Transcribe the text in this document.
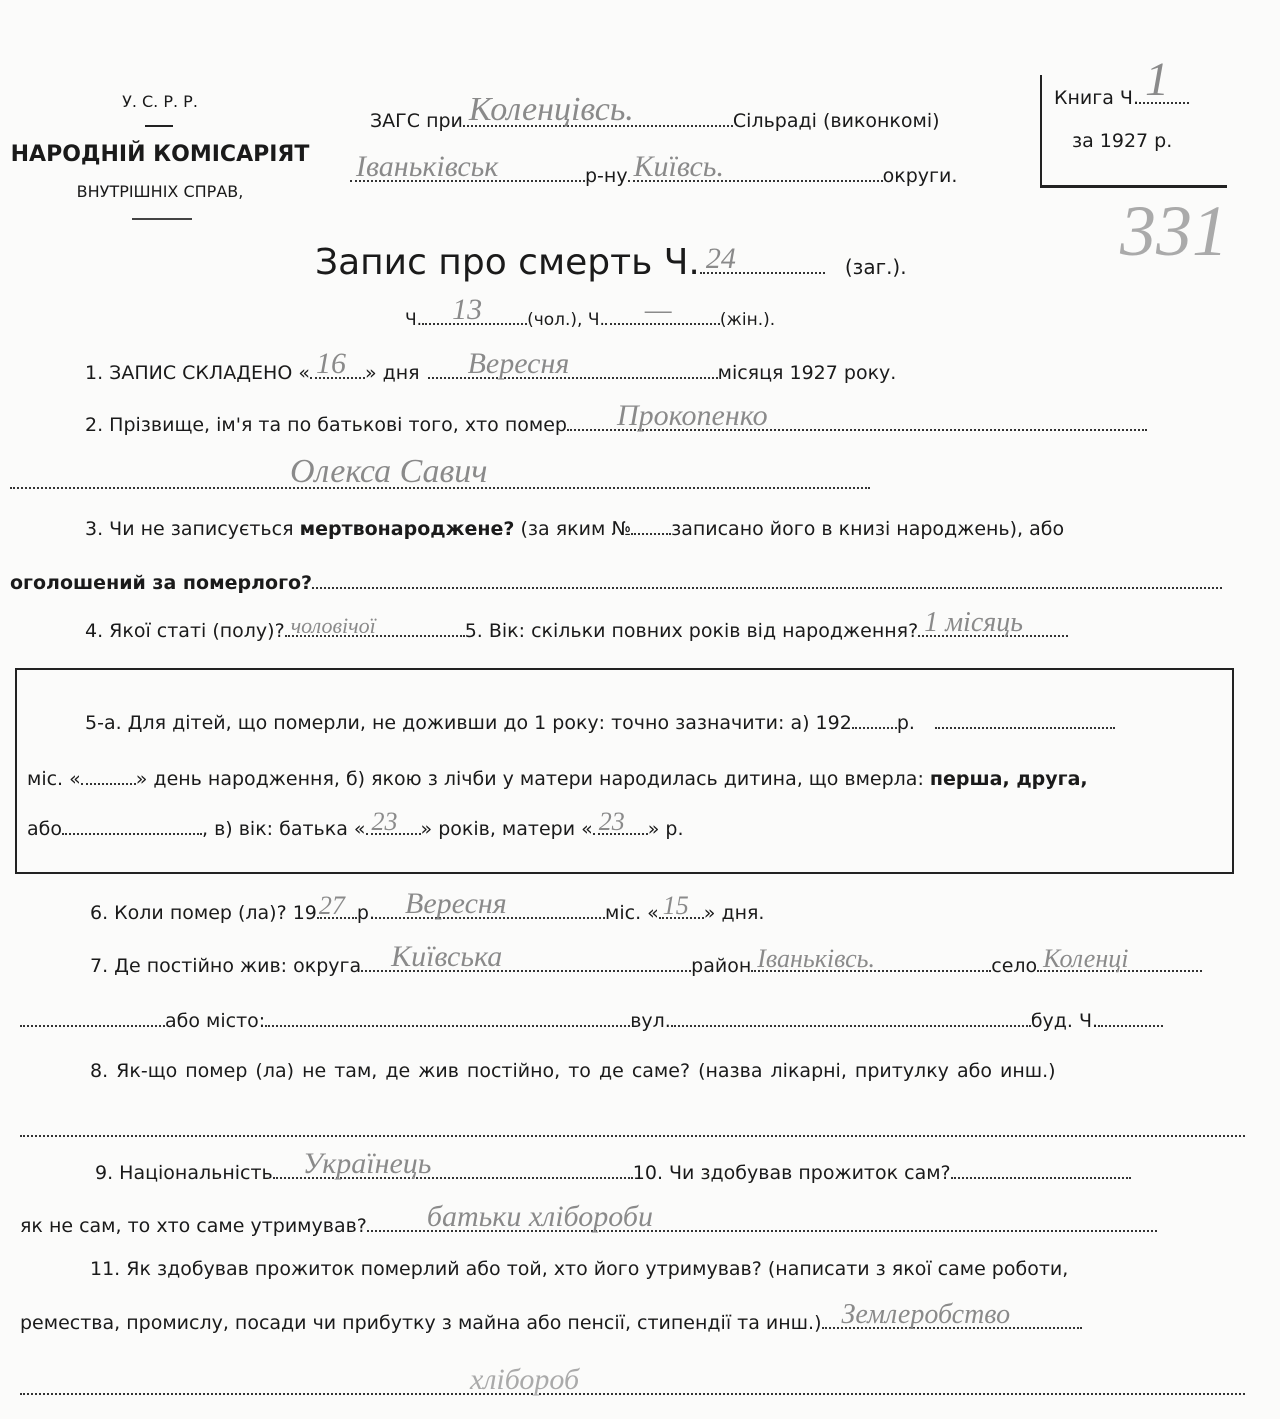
У. С. Р. Р.
НАРОДНІЙ КОМІСАРІЯТ
ВНУТРІШНІХ СПРАВ,
ЗАГС при Коленцівсь.	Сільраді (виконкомі)
Іваньківськ	р-ну Київсь.	округи.
Книга Ч. 1
за 1927 р.
331
Запис про смерть Ч. 24	(заг.).
Ч. 13	(чол.), Ч. —	(жін.).
1. ЗАПИС СКЛАДЕНО « 16 » дня Вересня	місяця 1927 року.
2. Прізвище, ім'я та по батькові того, хто помер Прокопенко
Олекса Савич
3. Чи не записується мертвонароджене? (за яким № записано його в книзі народжень), або
оголошений за померлого?
4. Якої статі (полу)? чоловічої	5. Вік: скільки повних років від народження? 1 місяць
5-а. Для дітей, що померли, не доживши до 1 року: точно зазначити: а) 192 р.
міс. «	» день народження, б) якою з лічби у матери народилась дитина, що вмерла: перша, друга,
або	, в) вік: батька « 23 » років, матери « 23 » р.
6. Коли помер (ла)? 19 27 р. Вересня	міс. « 15 » дня.
7. Де постійно жив: округа Київська	район Іваньківсь.	село Коленці
або місто:	вул.	буд. Ч.
8. Як-що помер (ла) не там, де жив постійно, то де саме? (назва лікарні, притулку або инш.)
9. Національність Українець	10. Чи здобував прожиток сам?
як не сам, то хто саме утримував? батьки хлібороби
11. Як здобував прожиток померлий або той, хто його утримував? (написати з якої саме роботи,
ремества, промислу, посади чи прибутку з майна або пенсії, стипендії та инш.) Землеробство
хлібороб
